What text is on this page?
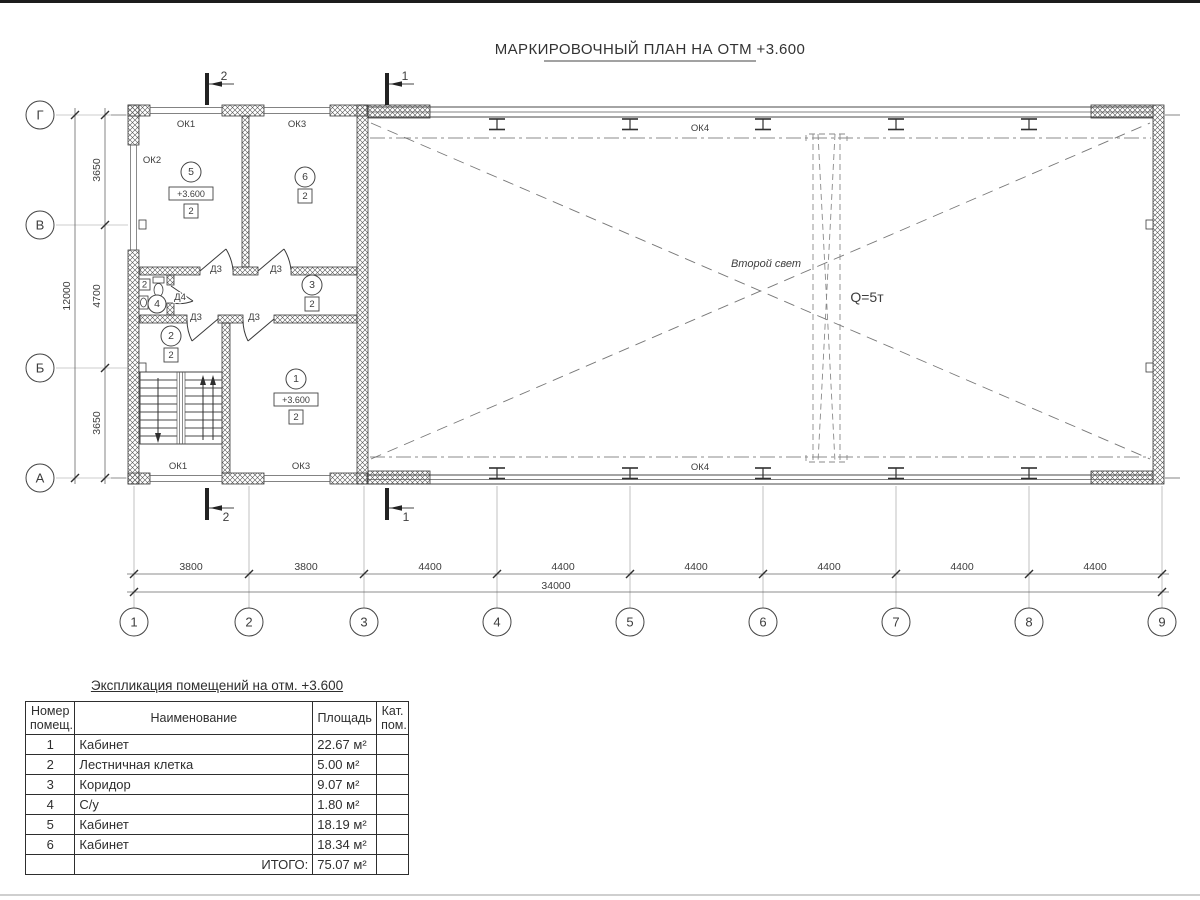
МАРКИРОВОЧНЫЙ ПЛАН НА ОТМ +3.600
Второй свет
Q=5т
5
+3.600
2
6
2
3
2
2
4
2
2
1
+3.600
2
ОК1	ОК3
ОК2
ОК1	ОК3
ОК4
ОК4
Д3	Д3
Д3	Д3
Д4
2	1
2	1
3800	3800	4400	4400	4400	4400	4400	4400
34000
1	2	3	4	5	6	7	8	9
3650
4700
3650
12000
Г
В
Б
А
Экспликация помещений на отм. +3.600
Номер
помещ.	Наименование	Площадь	Кат.
пом.
1	Кабинет	22.67 м²	
2	Лестничная клетка	5.00 м²	
3	Коридор	9.07 м²	
4	С/у	1.80 м²	
5	Кабинет	18.19 м²	
6	Кабинет	18.34 м²	
	ИТОГО:	75.07 м²	
